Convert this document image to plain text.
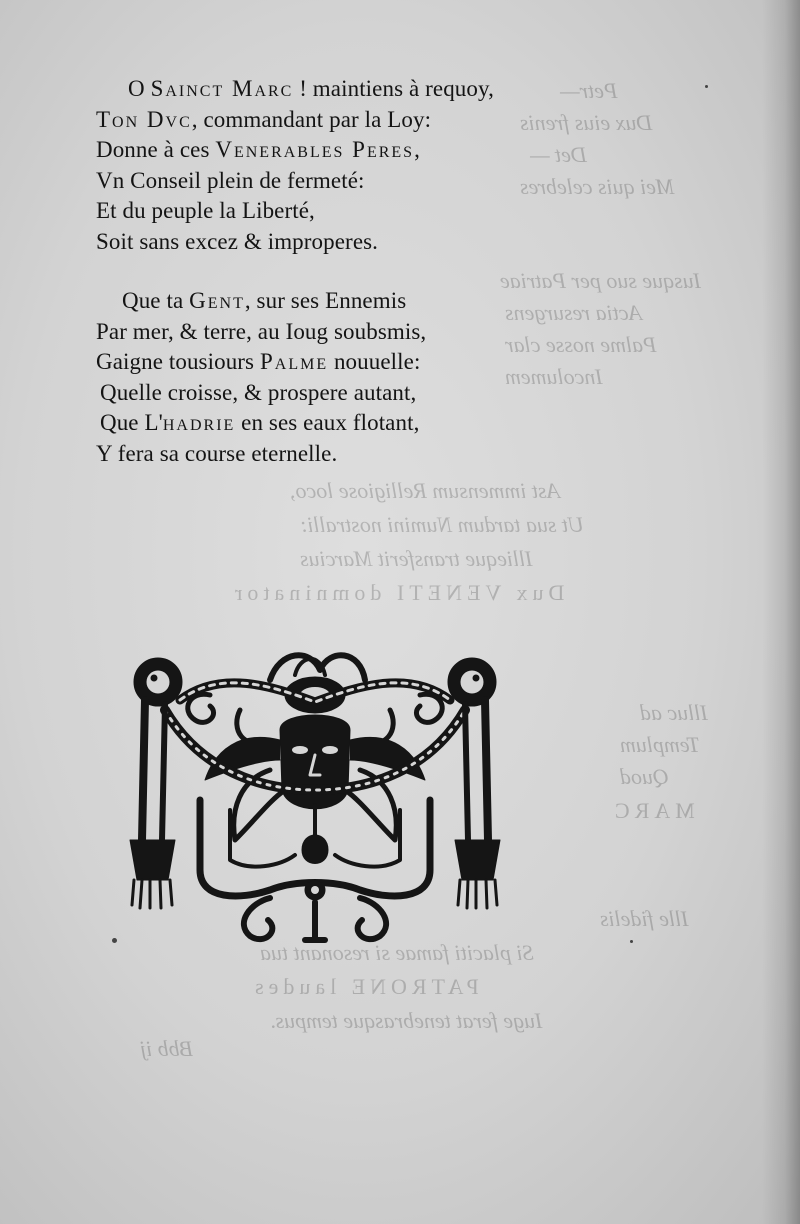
Petr—
Dux eius frenis
Det —
Mei quis celebres
Iusque suo per Patriae
Actia resurgens
Palme nosse clar
Incolumem
Ast immensum Relligiose loco,
Ut sua tardum Numini nostralli:
Illieque transferit Marcius
Dux VENETI domninator
Illuc ad
Templum
Quod
MARC
Ille fidelis
Si placiti famae si resonant tua
PATRONE laudes
Iuge ferat tenebrasque tempus.
Bbb ij
O Sainct Marc ! maintiens à requoy,
Ton Dvc, commandant par la Loy:
Donne à ces Venerables Peres,
Vn Conseil plein de fermeté:
Et du peuple la Liberté,
Soit sans excez & improperes.
Que ta Gent, sur ses Ennemis
Par mer, & terre, au Ioug soubsmis,
Gaigne tousiours Palme nouuelle:
Quelle croisse, & prospere autant,
Que L'hadrie en ses eaux flotant,
Y fera sa course eternelle.
